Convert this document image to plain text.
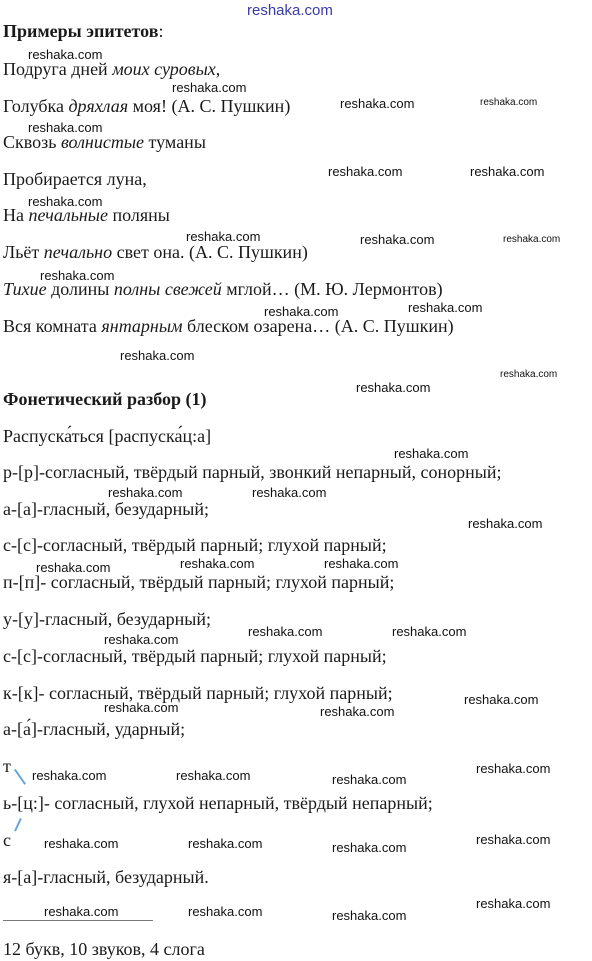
reshaka.com
Примеры эпитетов:
Подруга дней моих суровых,
Голубка дряхлая моя! (А. С. Пушкин)
Сквозь волнистые туманы
Пробирается луна,
На печальные поляны
Льёт печально свет она. (А. С. Пушкин)
Тихие долины полны свежей мглой… (М. Ю. Лермонтов)
Вся комната янтарным блеском озарена… (А. С. Пушкин)
Фонетический разбор (1)
Распуска́ться [распуска́ц:а]
р-[р]-согласный, твёрдый парный, звонкий непарный, сонорный;
а-[а]-гласный, безударный;
с-[с]-согласный, твёрдый парный; глухой парный;
п-[п]- согласный, твёрдый парный; глухой парный;
у-[у]-гласный, безударный;
с-[с]-согласный, твёрдый парный; глухой парный;
к-[к]- согласный, твёрдый парный; глухой парный;
а-[а́]-гласный, ударный;
т
ь-[ц:]- согласный, глухой непарный, твёрдый непарный;
с
я-[а]-гласный, безударный.
12 букв, 10 звуков, 4 слога
reshaka.com
reshaka.com
reshaka.com	reshaka.com
reshaka.com
reshaka.com	reshaka.com
reshaka.com
reshaka.com	reshaka.com	reshaka.com
reshaka.com
reshaka.com	reshaka.com
reshaka.com
reshaka.com
reshaka.com
reshaka.com
reshaka.com	reshaka.com
reshaka.com
reshaka.com	reshaka.com	reshaka.com
reshaka.com
reshaka.com	reshaka.com
reshaka.com	reshaka.com
reshaka.com
reshaka.com	reshaka.com	reshaka.com
reshaka.com
reshaka.com	reshaka.com	reshaka.com
reshaka.com
reshaka.com	reshaka.com	reshaka.com
reshaka.com
